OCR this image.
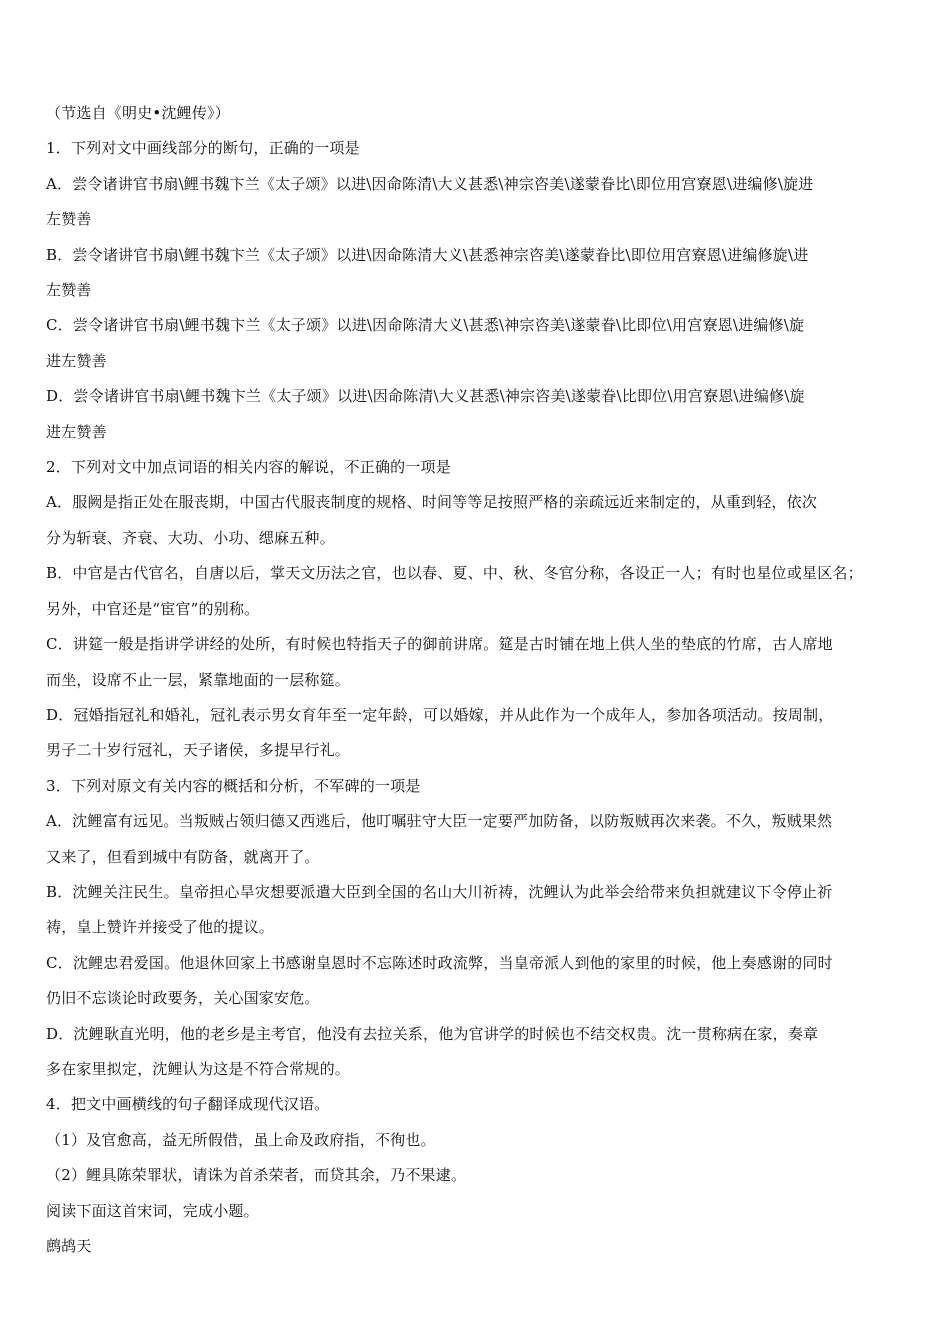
（节选自《明史•沈鲤传》）
1．下列对文中画线部分的断句，正确的一项是
A．尝令诸讲官书扇\鲤书魏卞兰《太子颂》以进\因命陈清\大义甚悉\神宗咨美\遂蒙眷比\即位用宫寮恩\进编修\旋进
左赞善
B．尝令诸讲官书扇\鲤书魏卞兰《太子颂》以进\因命陈清大义\甚悉神宗咨美\遂蒙眷比\即位用宫寮恩\进编修旋\进
左赞善
C．尝令诸讲官书扇\鲤书魏卞兰《太子颂》以进\因命陈清大义\甚悉\神宗咨美\遂蒙眷\比即位\用宫寮恩\进编修\旋
进左赞善
D．尝令诸讲官书扇\鲤书魏卞兰《太子颂》以进\因命陈清\大义甚悉\神宗咨美\遂蒙眷\比即位\用宫寮恩\进编修\旋
进左赞善
2．下列对文中加点词语的相关内容的解说，不正确的一项是
A．服阙是指正处在服丧期，中国古代服丧制度的规格、时间等等足按照严格的亲疏远近来制定的，从重到轻，依次
分为斩衰、齐衰、大功、小功、缌麻五种。
B．中官是古代官名，自唐以后，掌天文历法之官，也以春、夏、中、秋、冬官分称，各设正一人；有时也星位或星区名；
另外，中官还是“宦官”的别称。
C．讲筵一般是指讲学讲经的处所，有时候也特指天子的御前讲席。筵是古时铺在地上供人坐的垫底的竹席，古人席地
而坐，设席不止一层，紧靠地面的一层称筵。
D．冠婚指冠礼和婚礼，冠礼表示男女育年至一定年龄，可以婚嫁，并从此作为一个成年人，参加各项活动。按周制，
男子二十岁行冠礼，天子诸侯，多提早行礼。
3．下列对原文有关内容的概括和分析，不军碑的一项是
A．沈鲤富有远见。当叛贼占领归德又西逃后，他叮嘱驻守大臣一定要严加防备，以防叛贼再次来袭。不久，叛贼果然
又来了，但看到城中有防备，就离开了。
B．沈鲤关注民生。皇帝担心旱灾想要派遣大臣到全国的名山大川祈祷，沈鲤认为此举会给带来负担就建议下令停止祈
祷，皇上赞许并接受了他的提议。
C．沈鲤忠君爱国。他退休回家上书感谢皇恩时不忘陈述时政流弊，当皇帝派人到他的家里的时候，他上奏感谢的同时
仍旧不忘谈论时政要务，关心国家安危。
D．沈鲤耿直光明，他的老乡是主考官，他没有去拉关系，他为官讲学的时候也不结交权贵。沈一贯称病在家，奏章
多在家里拟定，沈鲤认为这是不符合常规的。
4．把文中画横线的句子翻译成现代汉语。
（1）及官愈高，益无所假借，虽上命及政府指，不徇也。
（2）鲤具陈荣罪状，请诛为首杀荣者，而贷其余，乃不果逮。
阅读下面这首宋词，完成小题。
鹧鸪天
